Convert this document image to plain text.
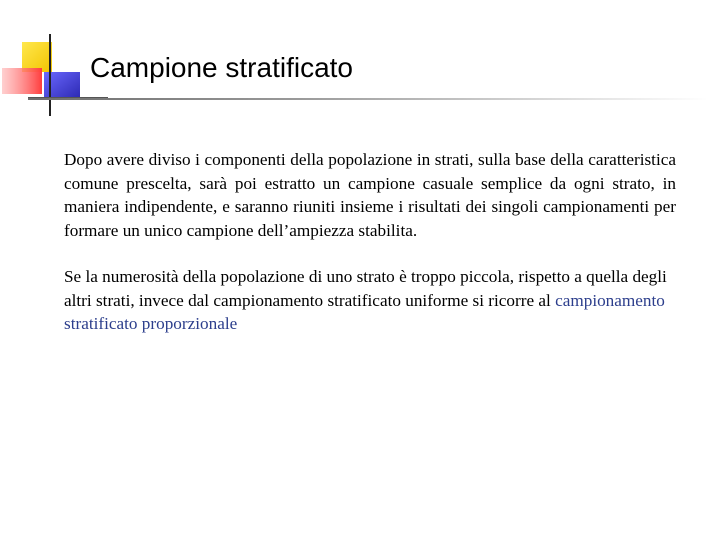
Campione stratificato

Dopo avere diviso i componenti della popolazione in strati, sulla base della caratteristica comune prescelta, sarà poi estratto un campione casuale semplice da ogni strato, in maniera indipendente, e saranno riuniti insieme i risultati dei singoli campionamenti per formare un unico campione dell’ampiezza stabilita.

Se la numerosità della popolazione di uno strato è troppo piccola, rispetto a quella degli altri strati, invece dal campionamento stratificato uniforme si ricorre al campionamento stratificato proporzionale
